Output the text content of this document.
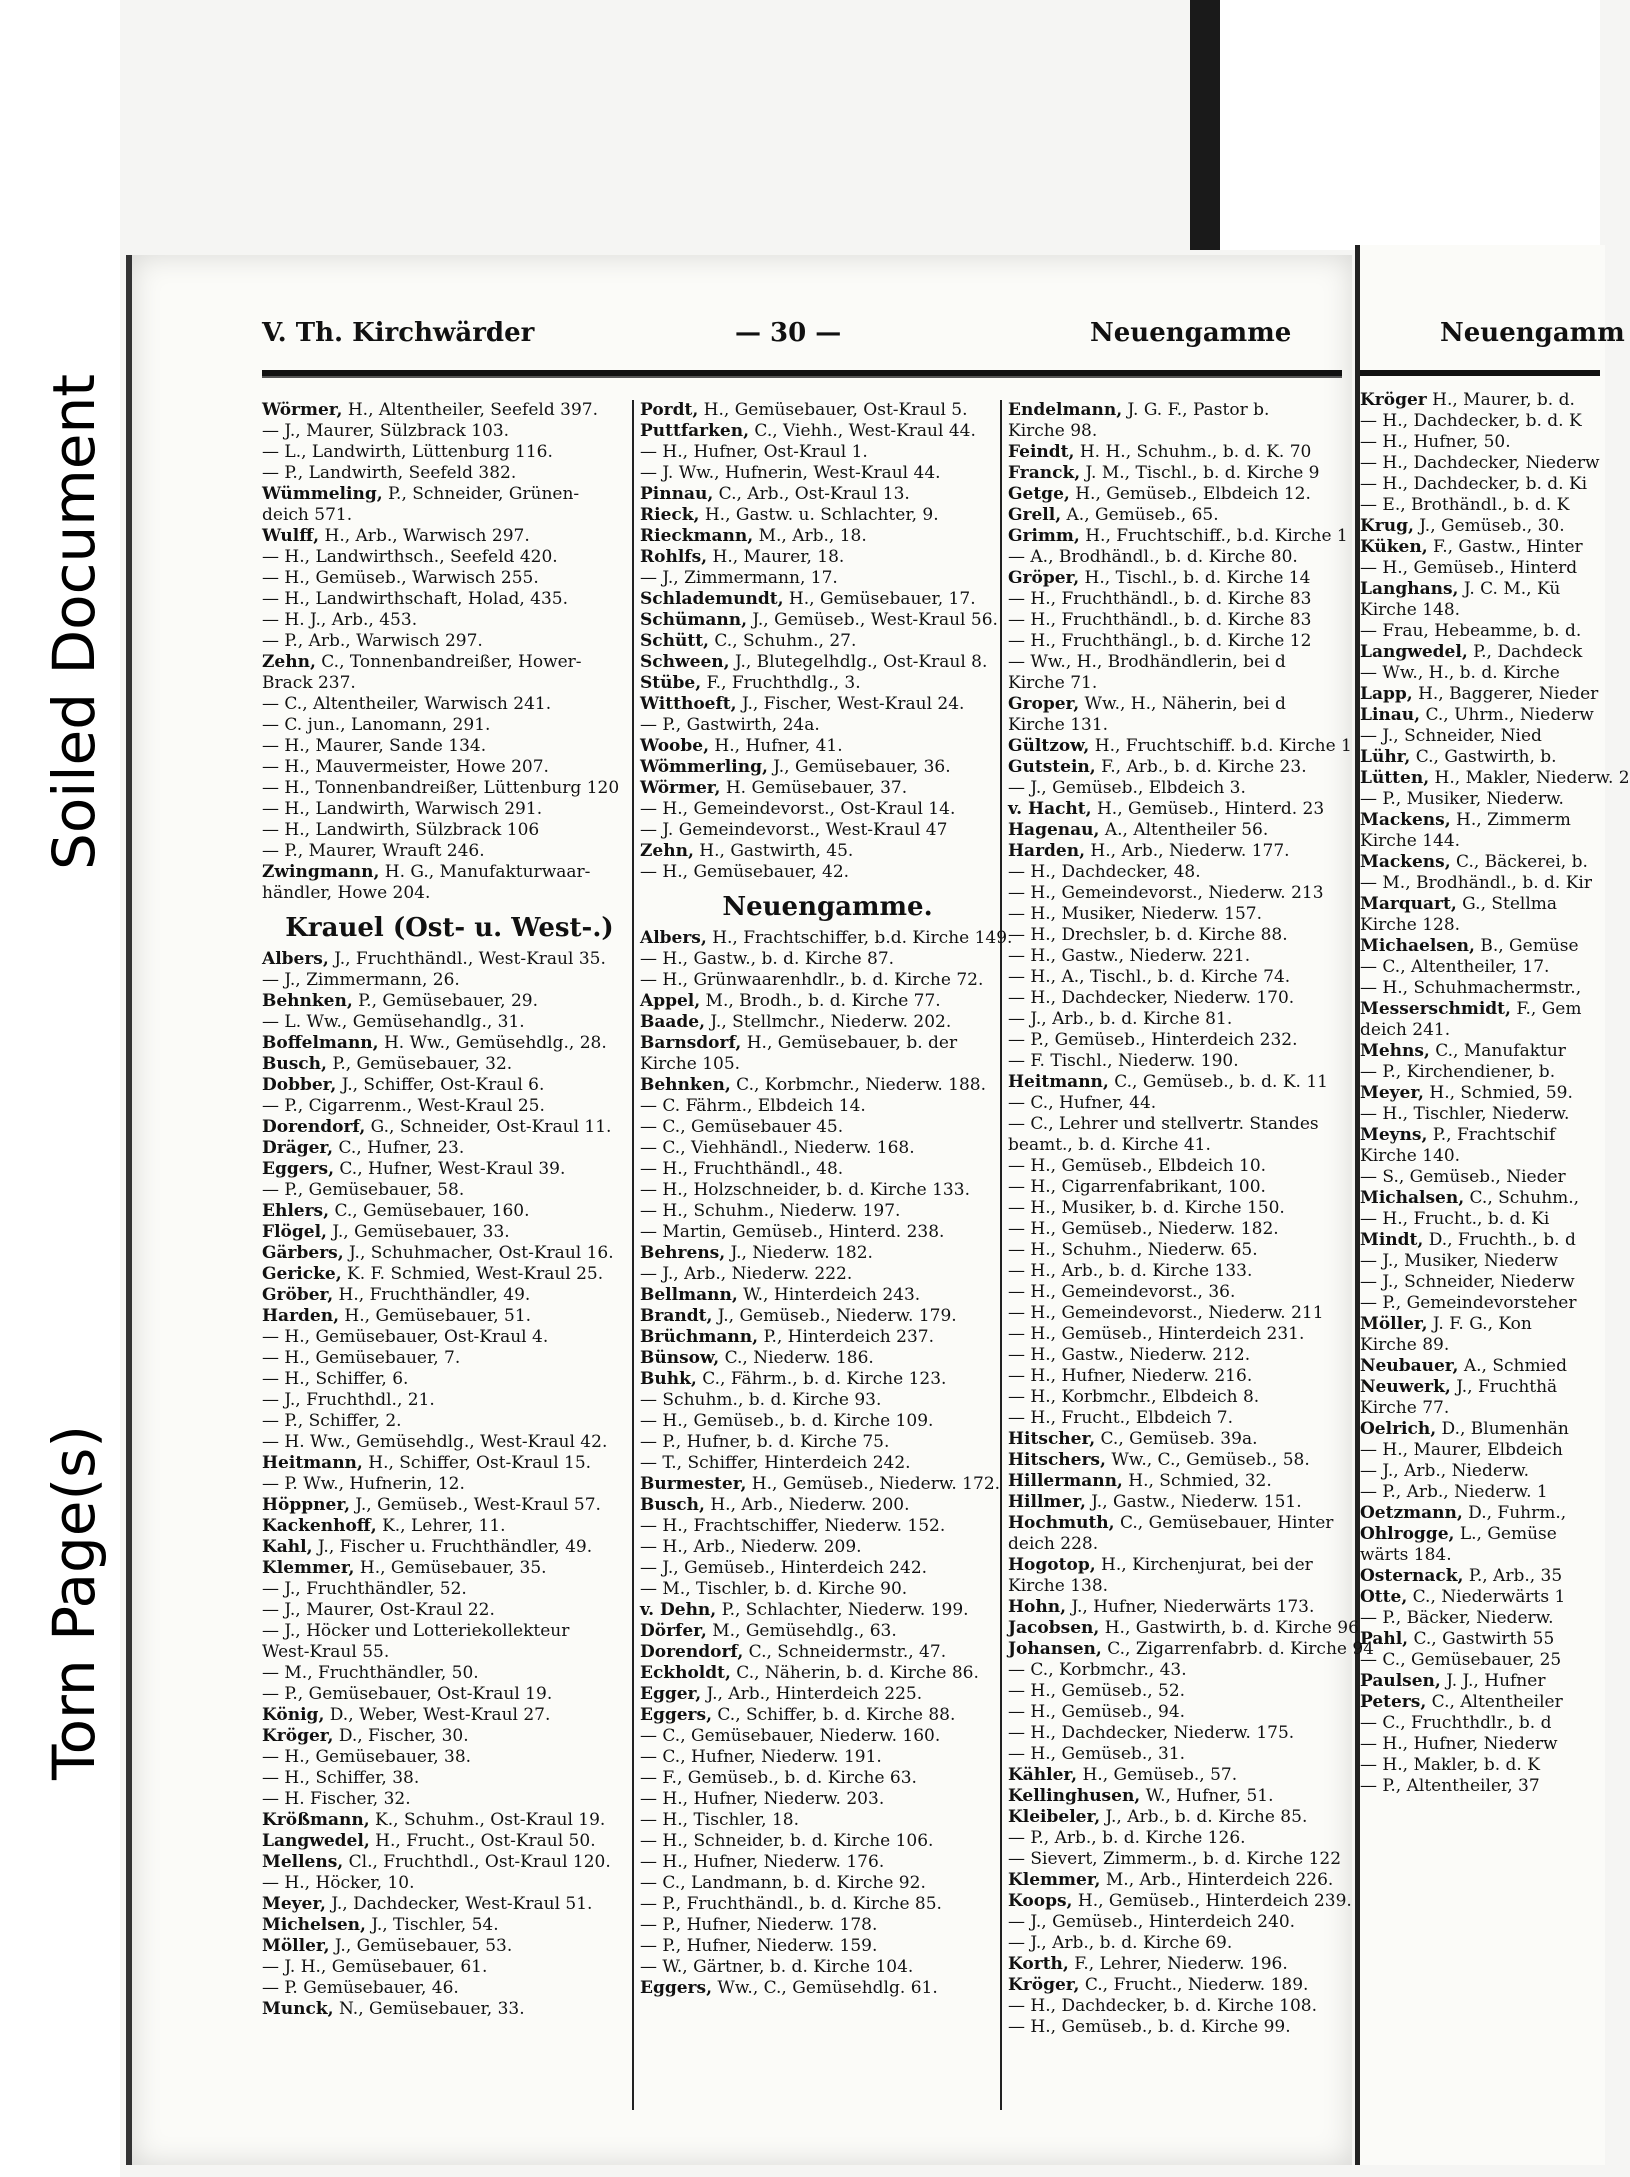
Soiled Document
Torn Page(s)
V. Th. Kirchwärder	— 30 —	Neuengamme	Neuengamm
Wörmer, H., Altentheiler, Seefeld 397.
— J., Maurer, Sülzbrack 103.
— L., Landwirth, Lüttenburg 116.
— P., Landwirth, Seefeld 382.
Wümmeling, P., Schneider, Grünen-
deich 571.
Wulff, H., Arb., Warwisch 297.
— H., Landwirthsch., Seefeld 420.
— H., Gemüseb., Warwisch 255.
— H., Landwirthschaft, Holad, 435.
— H. J., Arb., 453.
— P., Arb., Warwisch 297.
Zehn, C., Tonnenbandreißer, Hower-
Brack 237.
— C., Altentheiler, Warwisch 241.
— C. jun., Lanomann, 291.
— H., Maurer, Sande 134.
— H., Mauvermeister, Howe 207.
— H., Tonnenbandreißer, Lüttenburg 120
— H., Landwirth, Warwisch 291.
— H., Landwirth, Sülzbrack 106
— P., Maurer, Wrauft 246.
Zwingmann, H. G., Manufakturwaar-
händler, Howe 204.
Krauel (Ost- u. West-.)
Albers, J., Fruchthändl., West-Kraul 35.
— J., Zimmermann, 26.
Behnken, P., Gemüsebauer, 29.
— L. Ww., Gemüsehandlg., 31.
Boffelmann, H. Ww., Gemüsehdlg., 28.
Busch, P., Gemüsebauer, 32.
Dobber, J., Schiffer, Ost-Kraul 6.
— P., Cigarrenm., West-Kraul 25.
Dorendorf, G., Schneider, Ost-Kraul 11.
Dräger, C., Hufner, 23.
Eggers, C., Hufner, West-Kraul 39.
— P., Gemüsebauer, 58.
Ehlers, C., Gemüsebauer, 160.
Flögel, J., Gemüsebauer, 33.
Gärbers, J., Schuhmacher, Ost-Kraul 16.
Gericke, K. F. Schmied, West-Kraul 25.
Gröber, H., Fruchthändler, 49.
Harden, H., Gemüsebauer, 51.
— H., Gemüsebauer, Ost-Kraul 4.
— H., Gemüsebauer, 7.
— H., Schiffer, 6.
— J., Fruchthdl., 21.
— P., Schiffer, 2.
— H. Ww., Gemüsehdlg., West-Kraul 42.
Heitmann, H., Schiffer, Ost-Kraul 15.
— P. Ww., Hufnerin, 12.
Höppner, J., Gemüseb., West-Kraul 57.
Kackenhoff, K., Lehrer, 11.
Kahl, J., Fischer u. Fruchthändler, 49.
Klemmer, H., Gemüsebauer, 35.
— J., Fruchthändler, 52.
— J., Maurer, Ost-Kraul 22.
— J., Höcker und Lotteriekollekteur
West-Kraul 55.
— M., Fruchthändler, 50.
— P., Gemüsebauer, Ost-Kraul 19.
König, D., Weber, West-Kraul 27.
Kröger, D., Fischer, 30.
— H., Gemüsebauer, 38.
— H., Schiffer, 38.
— H. Fischer, 32.
Krößmann, K., Schuhm., Ost-Kraul 19.
Langwedel, H., Frucht., Ost-Kraul 50.
Mellens, Cl., Fruchthdl., Ost-Kraul 120.
— H., Höcker, 10.
Meyer, J., Dachdecker, West-Kraul 51.
Michelsen, J., Tischler, 54.
Möller, J., Gemüsebauer, 53.
— J. H., Gemüsebauer, 61.
— P. Gemüsebauer, 46.
Munck, N., Gemüsebauer, 33.
Pordt, H., Gemüsebauer, Ost-Kraul 5.
Puttfarken, C., Viehh., West-Kraul 44.
— H., Hufner, Ost-Kraul 1.
— J. Ww., Hufnerin, West-Kraul 44.
Pinnau, C., Arb., Ost-Kraul 13.
Rieck, H., Gastw. u. Schlachter, 9.
Rieckmann, M., Arb., 18.
Rohlfs, H., Maurer, 18.
— J., Zimmermann, 17.
Schlademundt, H., Gemüsebauer, 17.
Schümann, J., Gemüseb., West-Kraul 56.
Schütt, C., Schuhm., 27.
Schween, J., Blutegelhdlg., Ost-Kraul 8.
Stübe, F., Fruchthdlg., 3.
Witthoeft, J., Fischer, West-Kraul 24.
— P., Gastwirth, 24a.
Woobe, H., Hufner, 41.
Wömmerling, J., Gemüsebauer, 36.
Wörmer, H. Gemüsebauer, 37.
— H., Gemeindevorst., Ost-Kraul 14.
— J. Gemeindevorst., West-Kraul 47
Zehn, H., Gastwirth, 45.
— H., Gemüsebauer, 42.
Neuengamme.
Albers, H., Frachtschiffer, b.d. Kirche 149.
— H., Gastw., b. d. Kirche 87.
— H., Grünwaarenhdlr., b. d. Kirche 72.
Appel, M., Brodh., b. d. Kirche 77.
Baade, J., Stellmchr., Niederw. 202.
Barnsdorf, H., Gemüsebauer, b. der
Kirche 105.
Behnken, C., Korbmchr., Niederw. 188.
— C. Fährm., Elbdeich 14.
— C., Gemüsebauer 45.
— C., Viehhändl., Niederw. 168.
— H., Fruchthändl., 48.
— H., Holzschneider, b. d. Kirche 133.
— H., Schuhm., Niederw. 197.
— Martin, Gemüseb., Hinterd. 238.
Behrens, J., Niederw. 182.
— J., Arb., Niederw. 222.
Bellmann, W., Hinterdeich 243.
Brandt, J., Gemüseb., Niederw. 179.
Brüchmann, P., Hinterdeich 237.
Bünsow, C., Niederw. 186.
Buhk, C., Fährm., b. d. Kirche 123.
— Schuhm., b. d. Kirche 93.
— H., Gemüseb., b. d. Kirche 109.
— P., Hufner, b. d. Kirche 75.
— T., Schiffer, Hinterdeich 242.
Burmester, H., Gemüseb., Niederw. 172.
Busch, H., Arb., Niederw. 200.
— H., Frachtschiffer, Niederw. 152.
— H., Arb., Niederw. 209.
— J., Gemüseb., Hinterdeich 242.
— M., Tischler, b. d. Kirche 90.
v. Dehn, P., Schlachter, Niederw. 199.
Dörfer, M., Gemüsehdlg., 63.
Dorendorf, C., Schneidermstr., 47.
Eckholdt, C., Näherin, b. d. Kirche 86.
Egger, J., Arb., Hinterdeich 225.
Eggers, C., Schiffer, b. d. Kirche 88.
— C., Gemüsebauer, Niederw. 160.
— C., Hufner, Niederw. 191.
— F., Gemüseb., b. d. Kirche 63.
— H., Hufner, Niederw. 203.
— H., Tischler, 18.
— H., Schneider, b. d. Kirche 106.
— H., Hufner, Niederw. 176.
— C., Landmann, b. d. Kirche 92.
— P., Fruchthändl., b. d. Kirche 85.
— P., Hufner, Niederw. 178.
— P., Hufner, Niederw. 159.
— W., Gärtner, b. d. Kirche 104.
Eggers, Ww., C., Gemüsehdlg. 61.
Endelmann, J. G. F., Pastor b.
Kirche 98.
Feindt, H. H., Schuhm., b. d. K. 70
Franck, J. M., Tischl., b. d. Kirche 9
Getge, H., Gemüseb., Elbdeich 12.
Grell, A., Gemüseb., 65.
Grimm, H., Fruchtschiff., b.d. Kirche 1
— A., Brodhändl., b. d. Kirche 80.
Gröper, H., Tischl., b. d. Kirche 14
— H., Fruchthändl., b. d. Kirche 83
— H., Fruchthändl., b. d. Kirche 83
— H., Fruchthängl., b. d. Kirche 12
— Ww., H., Brodhändlerin, bei d
Kirche 71.
Groper, Ww., H., Näherin, bei d
Kirche 131.
Gültzow, H., Fruchtschiff. b.d. Kirche 1
Gutstein, F., Arb., b. d. Kirche 23.
— J., Gemüseb., Elbdeich 3.
v. Hacht, H., Gemüseb., Hinterd. 23
Hagenau, A., Altentheiler 56.
Harden, H., Arb., Niederw. 177.
— H., Dachdecker, 48.
— H., Gemeindevorst., Niederw. 213
— H., Musiker, Niederw. 157.
— H., Drechsler, b. d. Kirche 88.
— H., Gastw., Niederw. 221.
— H., A., Tischl., b. d. Kirche 74.
— H., Dachdecker, Niederw. 170.
— J., Arb., b. d. Kirche 81.
— P., Gemüseb., Hinterdeich 232.
— F. Tischl., Niederw. 190.
Heitmann, C., Gemüseb., b. d. K. 11
— C., Hufner, 44.
— C., Lehrer und stellvertr. Standes
beamt., b. d. Kirche 41.
— H., Gemüseb., Elbdeich 10.
— H., Cigarrenfabrikant, 100.
— H., Musiker, b. d. Kirche 150.
— H., Gemüseb., Niederw. 182.
— H., Schuhm., Niederw. 65.
— H., Arb., b. d. Kirche 133.
— H., Gemeindevorst., 36.
— H., Gemeindevorst., Niederw. 211
— H., Gemüseb., Hinterdeich 231.
— H., Gastw., Niederw. 212.
— H., Hufner, Niederw. 216.
— H., Korbmchr., Elbdeich 8.
— H., Frucht., Elbdeich 7.
Hitscher, C., Gemüseb. 39a.
Hitschers, Ww., C., Gemüseb., 58.
Hillermann, H., Schmied, 32.
Hillmer, J., Gastw., Niederw. 151.
Hochmuth, C., Gemüsebauer, Hinter
deich 228.
Hogotop, H., Kirchenjurat, bei der
Kirche 138.
Hohn, J., Hufner, Niederwärts 173.
Jacobsen, H., Gastwirth, b. d. Kirche 96
Johansen, C., Zigarrenfabrb. d. Kirche 94
— C., Korbmchr., 43.
— H., Gemüseb., 52.
— H., Gemüseb., 94.
— H., Dachdecker, Niederw. 175.
— H., Gemüseb., 31.
Kähler, H., Gemüseb., 57.
Kellinghusen, W., Hufner, 51.
Kleibeler, J., Arb., b. d. Kirche 85.
— P., Arb., b. d. Kirche 126.
— Sievert, Zimmerm., b. d. Kirche 122
Klemmer, M., Arb., Hinterdeich 226.
Koops, H., Gemüseb., Hinterdeich 239.
— J., Gemüseb., Hinterdeich 240.
— J., Arb., b. d. Kirche 69.
Korth, F., Lehrer, Niederw. 196.
Kröger, C., Frucht., Niederw. 189.
— H., Dachdecker, b. d. Kirche 108.
— H., Gemüseb., b. d. Kirche 99.
Kröger H., Maurer, b. d.
— H., Dachdecker, b. d. K
— H., Hufner, 50.
— H., Dachdecker, Niederw
— H., Dachdecker, b. d. Ki
— E., Brothändl., b. d. K
Krug, J., Gemüseb., 30.
Küken, F., Gastw., Hinter
— H., Gemüseb., Hinterd
Langhans, J. C. M., Kü
Kirche 148.
— Frau, Hebeamme, b. d.
Langwedel, P., Dachdeck
— Ww., H., b. d. Kirche
Lapp, H., Baggerer, Nieder
Linau, C., Uhrm., Niederw
— J., Schneider, Nied
Lühr, C., Gastwirth, b.
Lütten, H., Makler, Niederw. 2
— P., Musiker, Niederw.
Mackens, H., Zimmerm
Kirche 144.
Mackens, C., Bäckerei, b.
— M., Brodhändl., b. d. Kir
Marquart, G., Stellma
Kirche 128.
Michaelsen, B., Gemüse
— C., Altentheiler, 17.
— H., Schuhmachermstr.,
Messerschmidt, F., Gem
deich 241.
Mehns, C., Manufaktur
— P., Kirchendiener, b.
Meyer, H., Schmied, 59.
— H., Tischler, Niederw.
Meyns, P., Frachtschif
Kirche 140.
— S., Gemüseb., Nieder
Michalsen, C., Schuhm.,
— H., Frucht., b. d. Ki
Mindt, D., Fruchth., b. d
— J., Musiker, Niederw
— J., Schneider, Niederw
— P., Gemeindevorsteher
Möller, J. F. G., Kon
Kirche 89.
Neubauer, A., Schmied
Neuwerk, J., Fruchthä
Kirche 77.
Oelrich, D., Blumenhän
— H., Maurer, Elbdeich
— J., Arb., Niederw.
— P., Arb., Niederw. 1
Oetzmann, D., Fuhrm.,
Ohlrogge, L., Gemüse
wärts 184.
Osternack, P., Arb., 35
Otte, C., Niederwärts 1
— P., Bäcker, Niederw.
Pahl, C., Gastwirth 55
— C., Gemüsebauer, 25
Paulsen, J. J., Hufner
Peters, C., Altentheiler
— C., Fruchthdlr., b. d
— H., Hufner, Niederw
— H., Makler, b. d. K
— P., Altentheiler, 37
